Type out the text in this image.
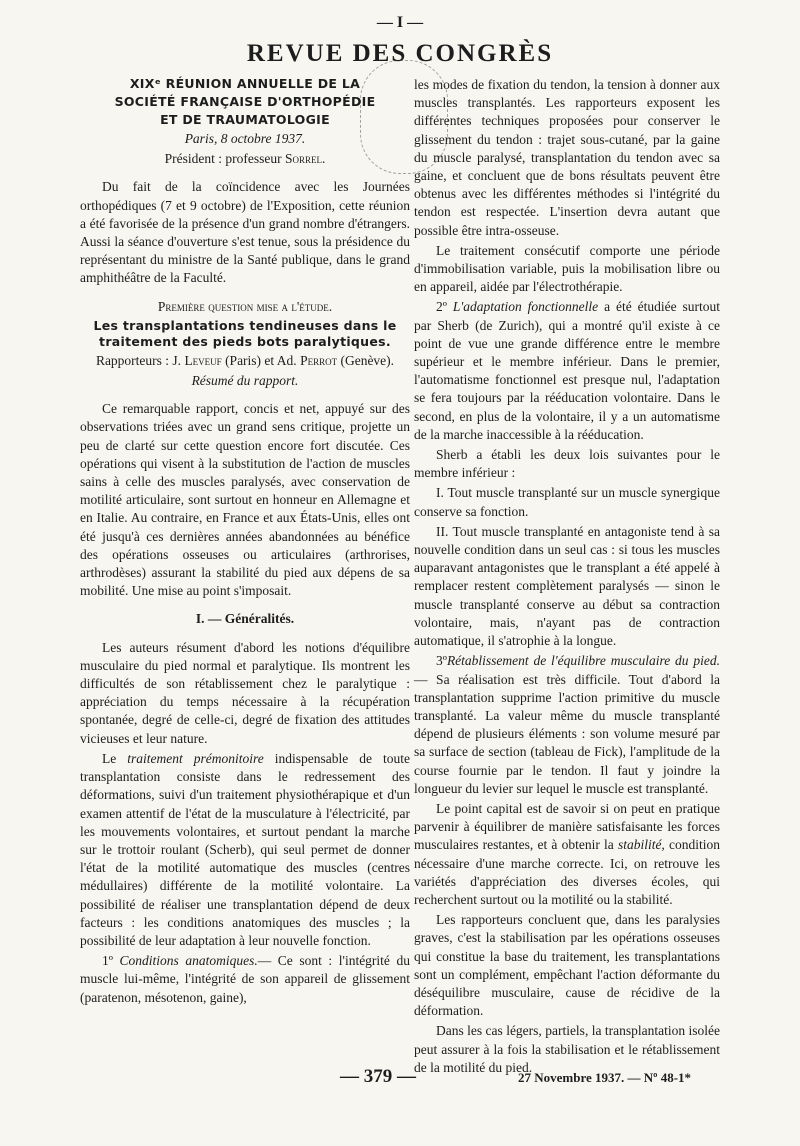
— I —
REVUE DES CONGRÈS

XIXᵉ RÉUNION ANNUELLE DE LA

SOCIÉTÉ FRANÇAISE D'ORTHOPÉDIE

ET DE TRAUMATOLOGIE

Paris, 8 octobre 1937.

Président : professeur Sorrel.

Du fait de la coïncidence avec les Journées orthopédiques (7 et 9 octobre) de l'Exposition, cette réunion a été favorisée de la présence d'un grand nombre d'étrangers. Aussi la séance d'ouverture s'est tenue, sous la présidence du représentant du ministre de la Santé publique, dans le grand amphithéâtre de la Faculté.

Première question mise a l'étude.

Les transplantations tendineuses dans le traitement des pieds bots paralytiques.

Rapporteurs : J. Leveuf (Paris) et Ad. Perrot (Genève).

Résumé du rapport.

Ce remarquable rapport, concis et net, appuyé sur des observations triées avec un grand sens critique, projette un peu de clarté sur cette question encore fort discutée. Ces opérations qui visent à la substitution de l'action de muscles sains à celle des muscles paralysés, avec conservation de motilité articulaire, sont surtout en honneur en Allemagne et en Italie. Au contraire, en France et aux États-Unis, elles ont été jusqu'à ces dernières années abandonnées au bénéfice des opérations osseuses ou articulaires (arthrorises, arthrodèses) assurant la stabilité du pied aux dépens de sa mobilité. Une mise au point s'imposait.

I. — Généralités.

Les auteurs résument d'abord les notions d'équilibre musculaire du pied normal et paralytique. Ils montrent les difficultés de son rétablissement chez le paralytique : appréciation du temps nécessaire à la récupération spontanée, degré de celle-ci, degré de fixation des attitudes vicieuses et leur nature.

Le traitement prémonitoire indispensable de toute transplantation consiste dans le redressement des déformations, suivi d'un traitement physiothérapique et d'un examen attentif de l'état de la musculature à l'électricité, par les mouvements volontaires, et surtout pendant la marche sur le trottoir roulant (Scherb), qui seul permet de donner l'état de la motilité automatique des muscles (centres médullaires) différente de la motilité volontaire. La possibilité de réaliser une transplantation dépend de deux facteurs : les conditions anatomiques des muscles ; la possibilité de leur adaptation à leur nouvelle fonction.

1º Conditions anatomiques.— Ce sont : l'intégrité du muscle lui-même, l'intégrité de son appareil de glissement (paratenon, mésotenon, gaine),

les modes de fixation du tendon, la tension à donner aux muscles transplantés. Les rapporteurs exposent les différentes techniques proposées pour conserver le glissement du tendon : trajet sous-cutané, par la gaine du muscle paralysé, transplantation du tendon avec sa gaine, et concluent que de bons résultats peuvent être obtenus avec les différentes méthodes si l'intégrité du tendon est respectée. L'insertion devra autant que possible être intra-osseuse.

Le traitement consécutif comporte une période d'immobilisation variable, puis la mobilisation libre ou en appareil, aidée par l'électrothérapie.

2º L'adaptation fonctionnelle a été étudiée surtout par Sherb (de Zurich), qui a montré qu'il existe à ce point de vue une grande différence entre le membre supérieur et le membre inférieur. Dans le premier, l'automatisme fonctionnel est presque nul, l'adaptation se fera toujours par la rééducation volontaire. Dans le second, en plus de la volontaire, il y a un automatisme de la marche inaccessible à la rééducation.

Sherb a établi les deux lois suivantes pour le membre inférieur :

I. Tout muscle transplanté sur un muscle synergique conserve sa fonction.

II. Tout muscle transplanté en antagoniste tend à sa nouvelle condition dans un seul cas : si tous les muscles auparavant antagonistes que le transplant a été appelé à remplacer restent complètement paralysés — sinon le muscle transplanté conserve au début sa contraction volontaire, mais, n'ayant pas de contraction automatique, il s'atrophie à la longue.

3ºRétablissement de l'équilibre musculaire du pied. — Sa réalisation est très difficile. Tout d'abord la transplantation supprime l'action primitive du muscle transplanté. La valeur même du muscle transplanté dépend de plusieurs éléments : son volume mesuré par sa surface de section (tableau de Fick), l'amplitude de la course fournie par le tendon. Il faut y joindre la longueur du levier sur lequel le muscle est transplanté.

Le point capital est de savoir si on peut en pratique parvenir à équilibrer de manière satisfaisante les forces musculaires restantes, et à obtenir la stabilité, condition nécessaire d'une marche correcte. Ici, on retrouve les variétés d'appréciation des diverses écoles, qui recherchent surtout ou la motilité ou la stabilité.

Les rapporteurs concluent que, dans les paralysies graves, c'est la stabilisation par les opérations osseuses qui constitue la base du traitement, les transplantations sont un complément, empêchant l'action déformante du déséquilibre musculaire, cause de récidive de la déformation.

Dans les cas légers, partiels, la transplantation isolée peut assurer à la fois la stabilisation et le rétablissement de la motilité du pied.

— 379 —	27 Novembre 1937. — Nº 48-1*
